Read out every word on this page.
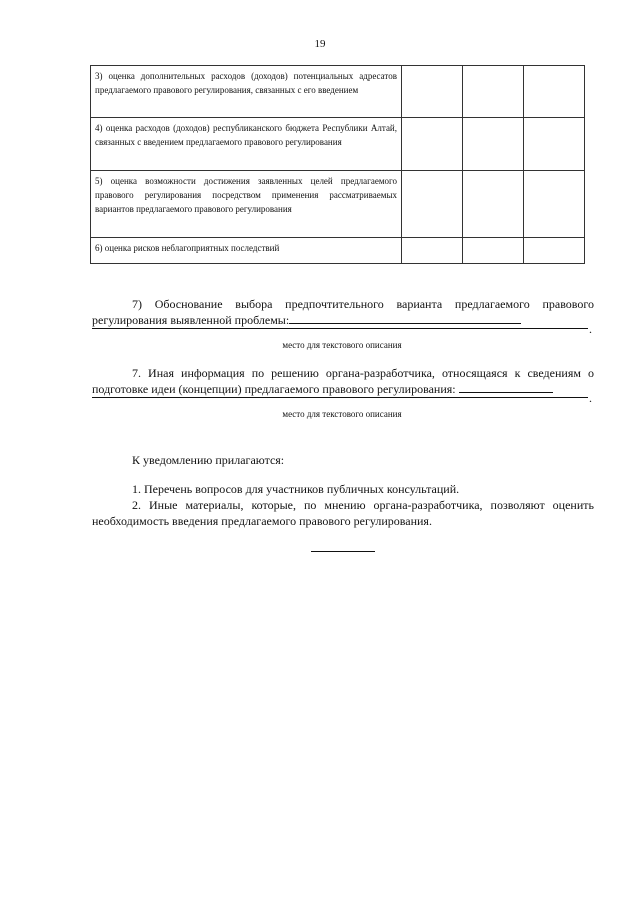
19
3) оценка дополнительных расходов (доходов) потенциальных адресатов предлагаемого правового регулирования, связанных с его введением			
4) оценка расходов (доходов) республиканского бюджета Республики Алтай, связанных с введением предлагаемого правового регулирования			
5) оценка возможности достижения заявленных целей предлагаемого правового регулирования посредством применения рассматриваемых вариантов предлагаемого правового регулирования			
6) оценка рисков неблагоприятных последствий			
7) Обоснование выбора предпочтительного варианта предлагаемого правового регулирования выявленной проблемы:
.
место для текстового описания
7. Иная информация по решению органа-разработчика, относящаяся к сведениям о подготовке идеи (концепции) предлагаемого правового регулирования:
.
место для текстового описания
К уведомлению прилагаются:
1. Перечень вопросов для участников публичных консультаций.
2. Иные материалы, которые, по мнению органа-разработчика, позволяют оценить необходимость введения предлагаемого правового регулирования.
